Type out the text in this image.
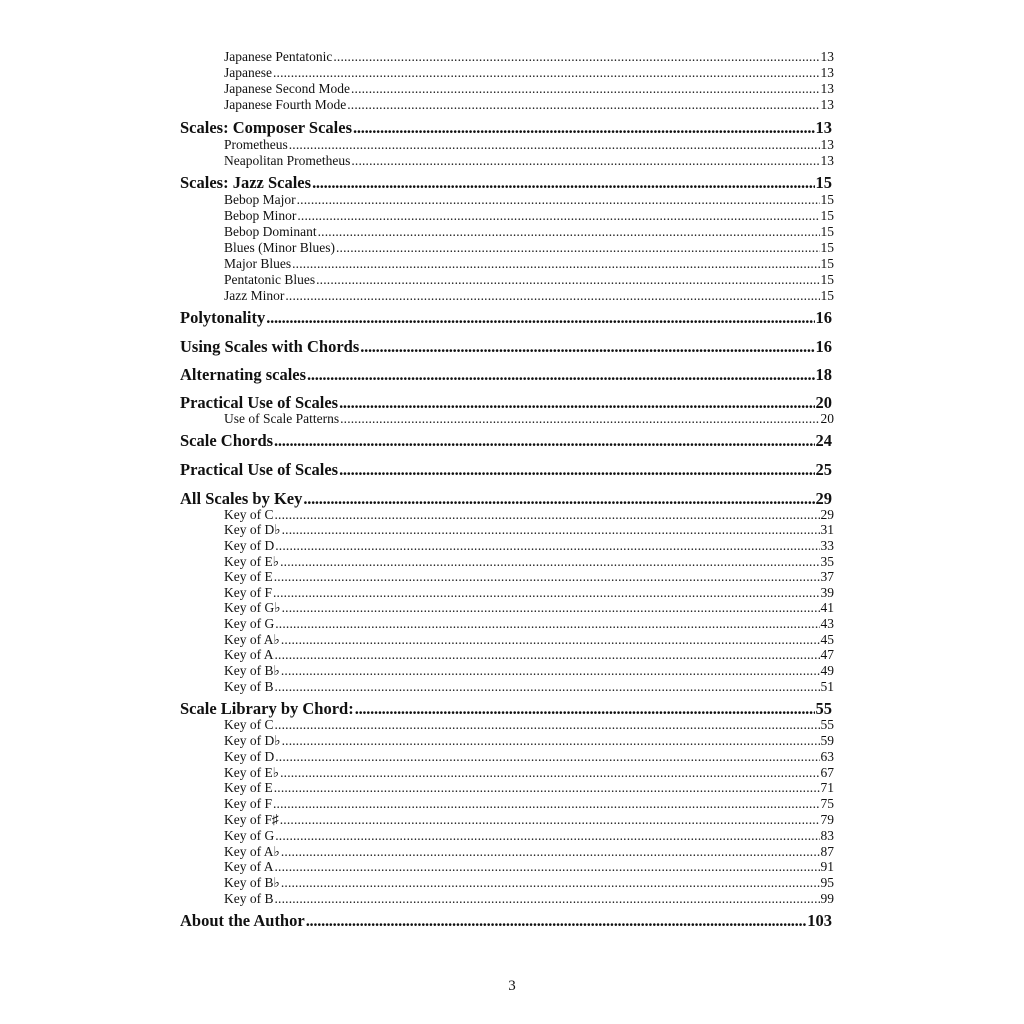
Japanese Pentatonic . . .	13
Japanese . . .	13
Japanese Second Mode . . .	13
Japanese Fourth Mode . . .	13
Scales: Composer Scales . . .	13
Prometheus . . .	13
Neapolitan Prometheus . . .	13
Scales: Jazz Scales . . .	15
Bebop Major . . .	15
Bebop Minor . . .	15
Bebop Dominant . . .	15
Blues (Minor Blues) . . .	15
Major Blues . . .	15
Pentatonic Blues . . .	15
Jazz Minor . . .	15
Polytonality . . .	16
Using Scales with Chords . . .	16
Alternating scales . . .	18
Practical Use of Scales . . .	20
Use of Scale Patterns . . .	20
Scale Chords . . .	24
Practical Use of Scales . . .	25
All Scales by Key . . .	29
Key of C . . .	29
Key of D♭ . . .	31
Key of D . . .	33
Key of E♭ . . .	35
Key of E . . .	37
Key of F . . .	39
Key of G♭ . . .	41
Key of G . . .	43
Key of A♭ . . .	45
Key of A . . .	47
Key of B♭ . . .	49
Key of B . . .	51
Scale Library by Chord: . . .	55
Key of C . . .	55
Key of D♭ . . .	59
Key of D . . .	63
Key of E♭ . . .	67
Key of E . . .	71
Key of F . . .	75
Key of F♯ . . .	79
Key of G . . .	83
Key of A♭ . . .	87
Key of A . . .	91
Key of B♭ . . .	95
Key of B . . .	99
About the Author . . .	103
3
